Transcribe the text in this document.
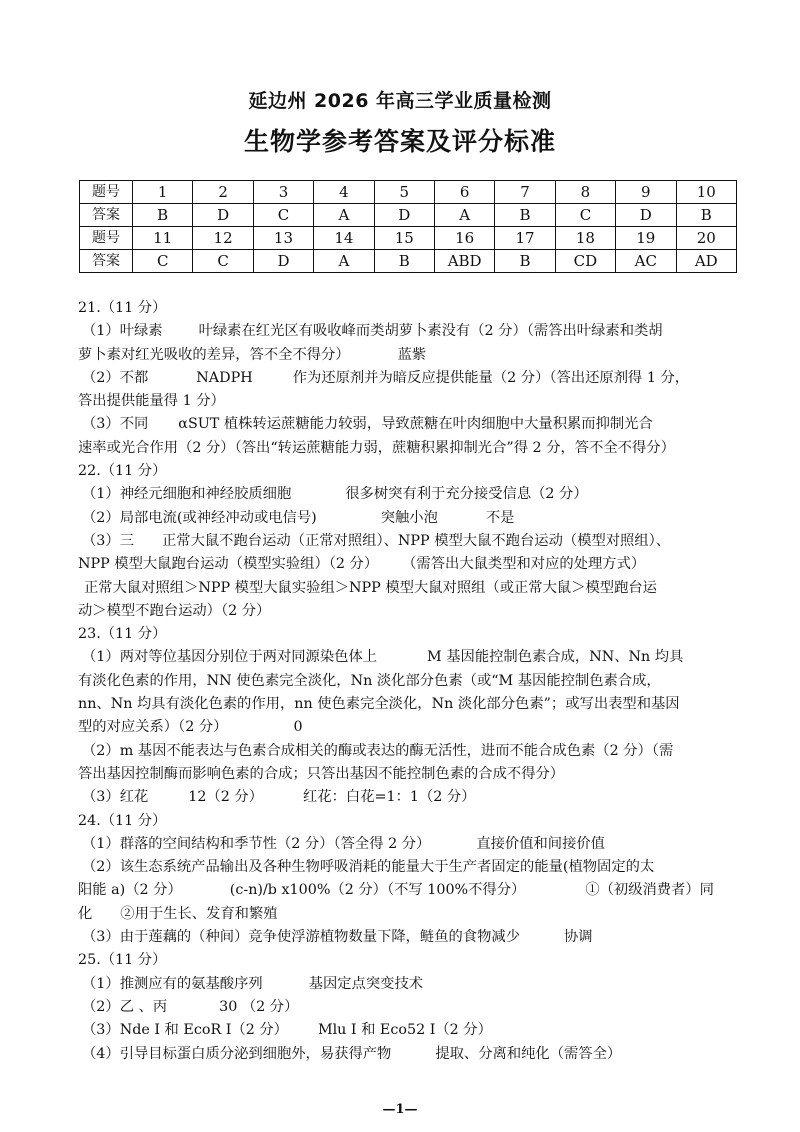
延边州 2026 年高三学业质量检测
生物学参考答案及评分标准
题号	1	2	3	4	5	6	7	8	9	10
答案	B	D	C	A	D	A	B	C	D	B
题号	11	12	13	14	15	16	17	18	19	20
答案	C	C	D	A	B	ABD	B	CD	AC	AD
21.（11 分）
（1）叶绿素	叶绿素在红光区有吸收峰而类胡萝卜素没有（2 分）（需答出叶绿素和类胡
萝卜素对红光吸收的差异，答不全不得分）	蓝紫
（2）不都	NADPH	作为还原剂并为暗反应提供能量（2 分）（答出还原剂得 1 分，
答出提供能量得 1 分）
（3）不同 αSUT 植株转运蔗糖能力较弱，导致蔗糖在叶肉细胞中大量积累而抑制光合
速率或光合作用（2 分）（答出“转运蔗糖能力弱，蔗糖积累抑制光合”得 2 分，答不全不得分）
22.（11 分）
（1）神经元细胞和神经胶质细胞	很多树突有利于充分接受信息（2 分）
（2）局部电流(或神经冲动或电信号)	突触小泡	不是
（3）三 正常大鼠不跑台运动（正常对照组）、NPP 模型大鼠不跑台运动（模型对照组）、
NPP 模型大鼠跑台运动（模型实验组）（2 分） （需答出大鼠类型和对应的处理方式）
正常大鼠对照组＞NPP 模型大鼠实验组＞NPP 模型大鼠对照组（或正常大鼠＞模型跑台运
动＞模型不跑台运动）（2 分）
23.（11 分）
（1）两对等位基因分别位于两对同源染色体上	M 基因能控制色素合成，NN、Nn 均具
有淡化色素的作用，NN 使色素完全淡化，Nn 淡化部分色素（或“M 基因能控制色素合成，
nn、Nn 均具有淡化色素的作用，nn 使色素完全淡化，Nn 淡化部分色素”；或写出表型和基因
型的对应关系）（2 分）	0
（2）m 基因不能表达与色素合成相关的酶或表达的酶无活性，进而不能合成色素（2 分）（需
答出基因控制酶而影响色素的合成；只答出基因不能控制色素的合成不得分）
（3）红花	12（2 分）	红花：白花=1：1（2 分）
24.（11 分）
（1）群落的空间结构和季节性（2 分）（答全得 2 分）	直接价值和间接价值
（2）该生态系统产品输出及各种生物呼吸消耗的能量大于生产者固定的能量(植物固定的太
阳能 a)（2 分）	(c-n)/b x100%（2 分）（不写 100%不得分）	①（初级消费者）同
化 ②用于生长、发育和繁殖
（3）由于莲藕的（种间）竞争使浮游植物数量下降，鲢鱼的食物减少	协调
25.（11 分）
（1）推测应有的氨基酸序列	基因定点突变技术
（2）乙 、丙	30 （2 分）
（3）Nde I 和 EcoR I（2 分） Mlu I 和 Eco52 I（2 分）
（4）引导目标蛋白质分泌到细胞外，易获得产物	提取、分离和纯化（需答全）
—1—
